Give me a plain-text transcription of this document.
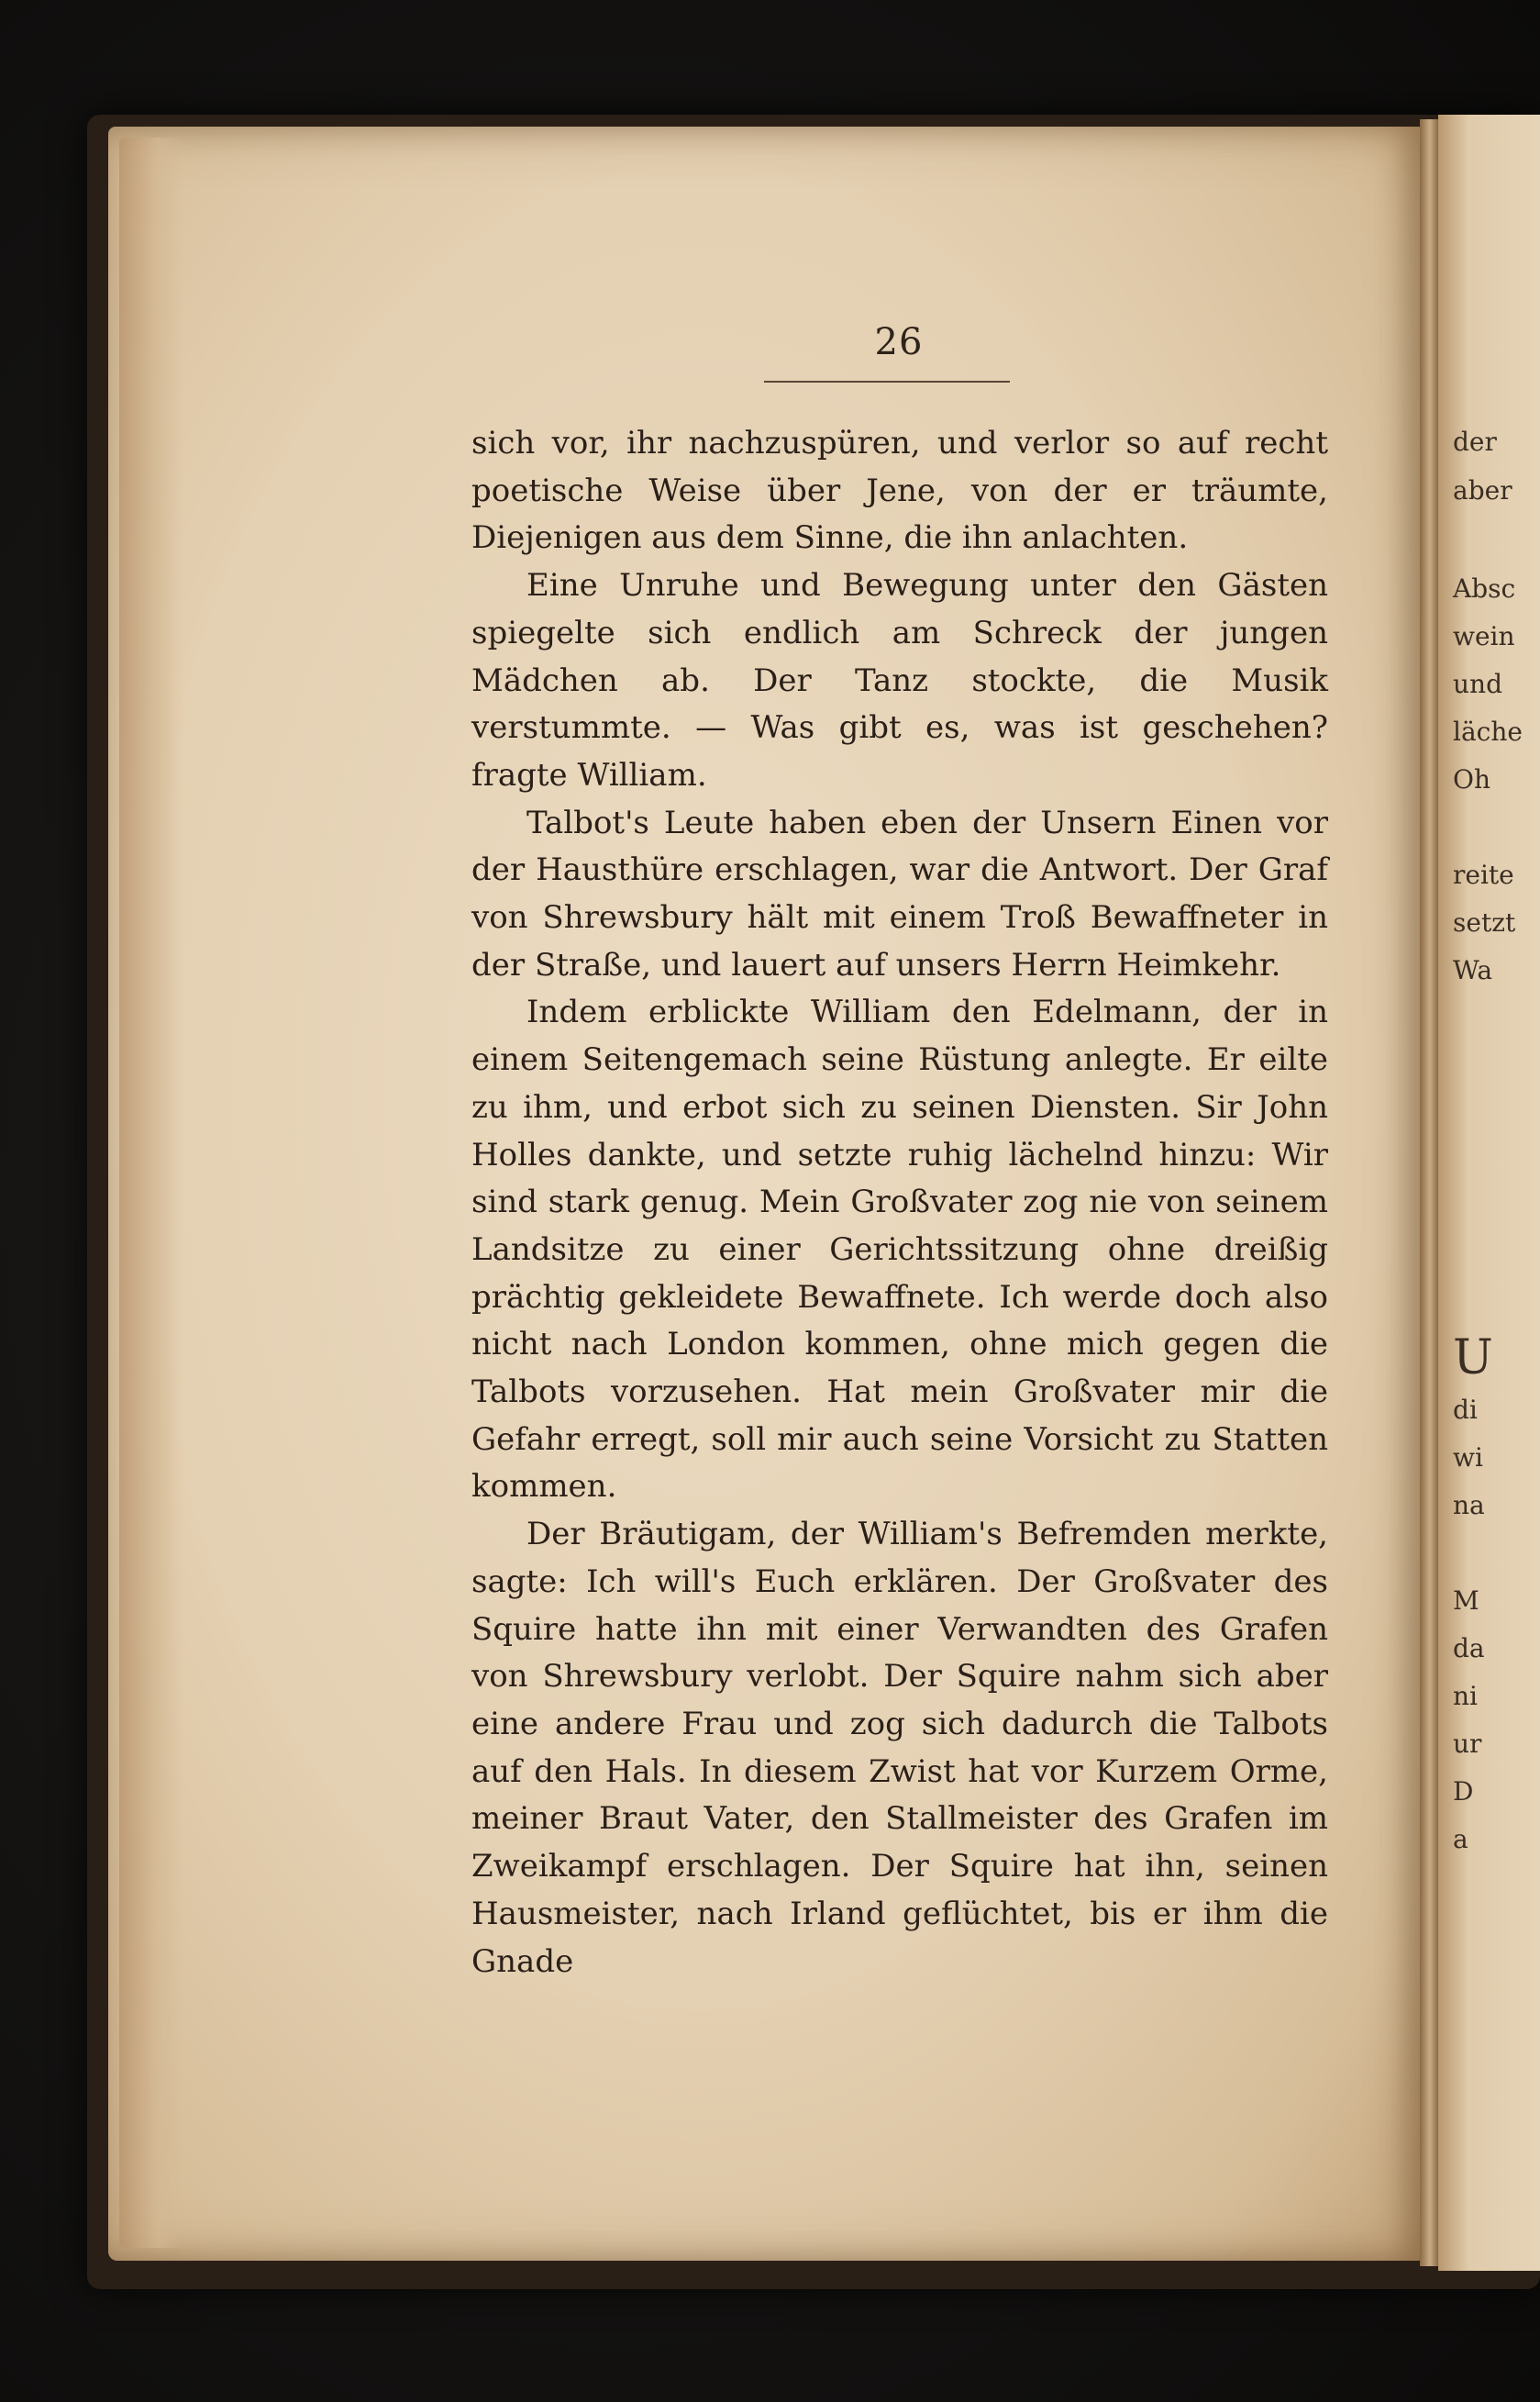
der
aber
Absc
wein
und
läche
Oh
reite
setzt
Wa
U
di
wi
na
M
da
ni
ur
D
a
26

sich vor, ihr nachzuspüren, und verlor so auf recht poetische Weise über Jene, von der er träumte, Diejenigen aus dem Sinne, die ihn anlachten.

Eine Unruhe und Bewegung unter den Gästen spiegelte sich endlich am Schreck der jungen Mädchen ab. Der Tanz stockte, die Musik verstummte. — Was gibt es, was ist geschehen? fragte William.

Talbot's Leute haben eben der Unsern Einen vor der Hausthüre erschlagen, war die Antwort. Der Graf von Shrewsbury hält mit einem Troß Bewaffneter in der Straße, und lauert auf unsers Herrn Heimkehr.

Indem erblickte William den Edelmann, der in einem Seitengemach seine Rüstung anlegte. Er eilte zu ihm, und erbot sich zu seinen Diensten. Sir John Holles dankte, und setzte ruhig lächelnd hinzu: Wir sind stark genug. Mein Großvater zog nie von seinem Landsitze zu einer Gerichtssitzung ohne dreißig prächtig gekleidete Bewaffnete. Ich werde doch also nicht nach London kommen, ohne mich gegen die Talbots vorzusehen. Hat mein Großvater mir die Gefahr erregt, soll mir auch seine Vorsicht zu Statten kommen.

Der Bräutigam, der William's Befremden merkte, sagte: Ich will's Euch erklären. Der Großvater des Squire hatte ihn mit einer Verwandten des Grafen von Shrewsbury verlobt. Der Squire nahm sich aber eine andere Frau und zog sich dadurch die Talbots auf den Hals. In diesem Zwist hat vor Kurzem Orme, meiner Braut Vater, den Stallmeister des Grafen im Zweikampf erschlagen. Der Squire hat ihn, seinen Hausmeister, nach Irland geflüchtet, bis er ihm die Gnade
